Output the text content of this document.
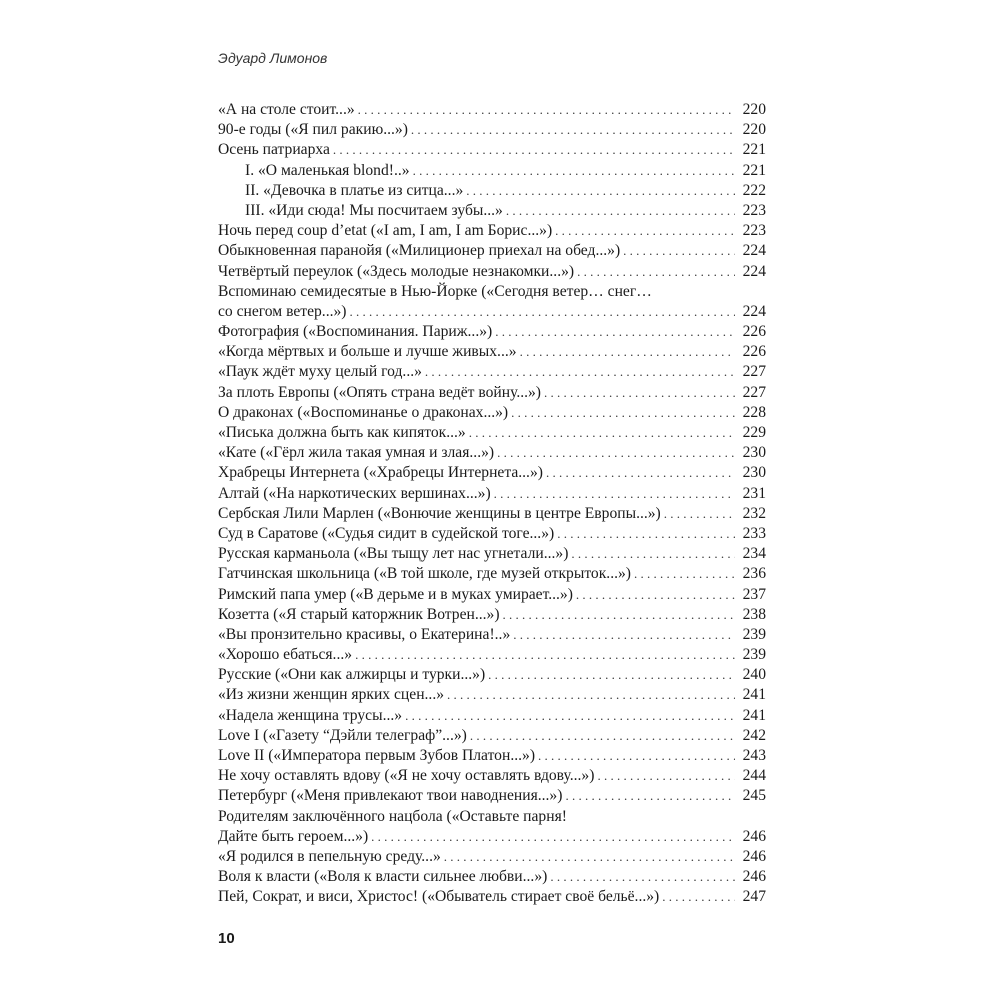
Эдуард Лимонов
«А на столе стоит...» . . .	220
90-е годы («Я пил ракию...») . . .	220
Осень патриарха . . .	221
I. «О маленькая blond!..» . . .	221
II. «Девочка в платье из ситца...» . . .	222
III. «Иди сюда! Мы посчитаем зубы...» . . .	223
Ночь перед coup d’etat («I am, I am, I am Борис...») . . .	223
Обыкновенная паранойя («Милиционер приехал на обед...») . . .	224
Четвёртый переулок («Здесь молодые незнакомки...») . . .	224
Вспоминаю семидесятые в Нью-Йорке («Сегодня ветер… снег…
со снегом ветер...») . . .	224
Фотография («Воспоминания. Париж...») . . .	226
«Когда мёртвых и больше и лучше живых...» . . .	226
«Паук ждёт муху целый год...» . . .	227
За плоть Европы («Опять страна ведёт войну...») . . .	227
О драконах («Воспоминанье о драконах...») . . .	228
«Писька должна быть как кипяток...» . . .	229
«Кате («Гёрл жила такая умная и злая...») . . .	230
Храбрецы Интернета («Храбрецы Интернета...») . . .	230
Алтай («На наркотических вершинах...») . . .	231
Сербская Лили Марлен («Вонючие женщины в центре Европы...») . . .	232
Суд в Саратове («Судья сидит в судейской тоге...») . . .	233
Русская карманьола («Вы тыщу лет нас угнетали...») . . .	234
Гатчинская школьница («В той школе, где музей открыток...») . . .	236
Римский папа умер («В дерьме и в муках умирает...») . . .	237
Козетта («Я старый каторжник Вотрен...») . . .	238
«Вы пронзительно красивы, о Екатерина!..» . . .	239
«Хорошо ебаться...» . . .	239
Русские («Они как алжирцы и турки...») . . .	240
«Из жизни женщин ярких сцен...» . . .	241
«Надела женщина трусы...» . . .	241
Love I («Газету “Дэйли телеграф”...») . . .	242
Love II («Императора первым Зубов Платон...») . . .	243
Не хочу оставлять вдову («Я не хочу оставлять вдову...») . . .	244
Петербург («Меня привлекают твои наводнения...») . . .	245
Родителям заключённого нацбола («Оставьте парня!
Дайте быть героем...») . . .	246
«Я родился в пепельную среду...» . . .	246
Воля к власти («Воля к власти сильнее любви...») . . .	246
Пей, Сократ, и виси, Христос! («Обыватель стирает своё бельё...») . . .	247
10
